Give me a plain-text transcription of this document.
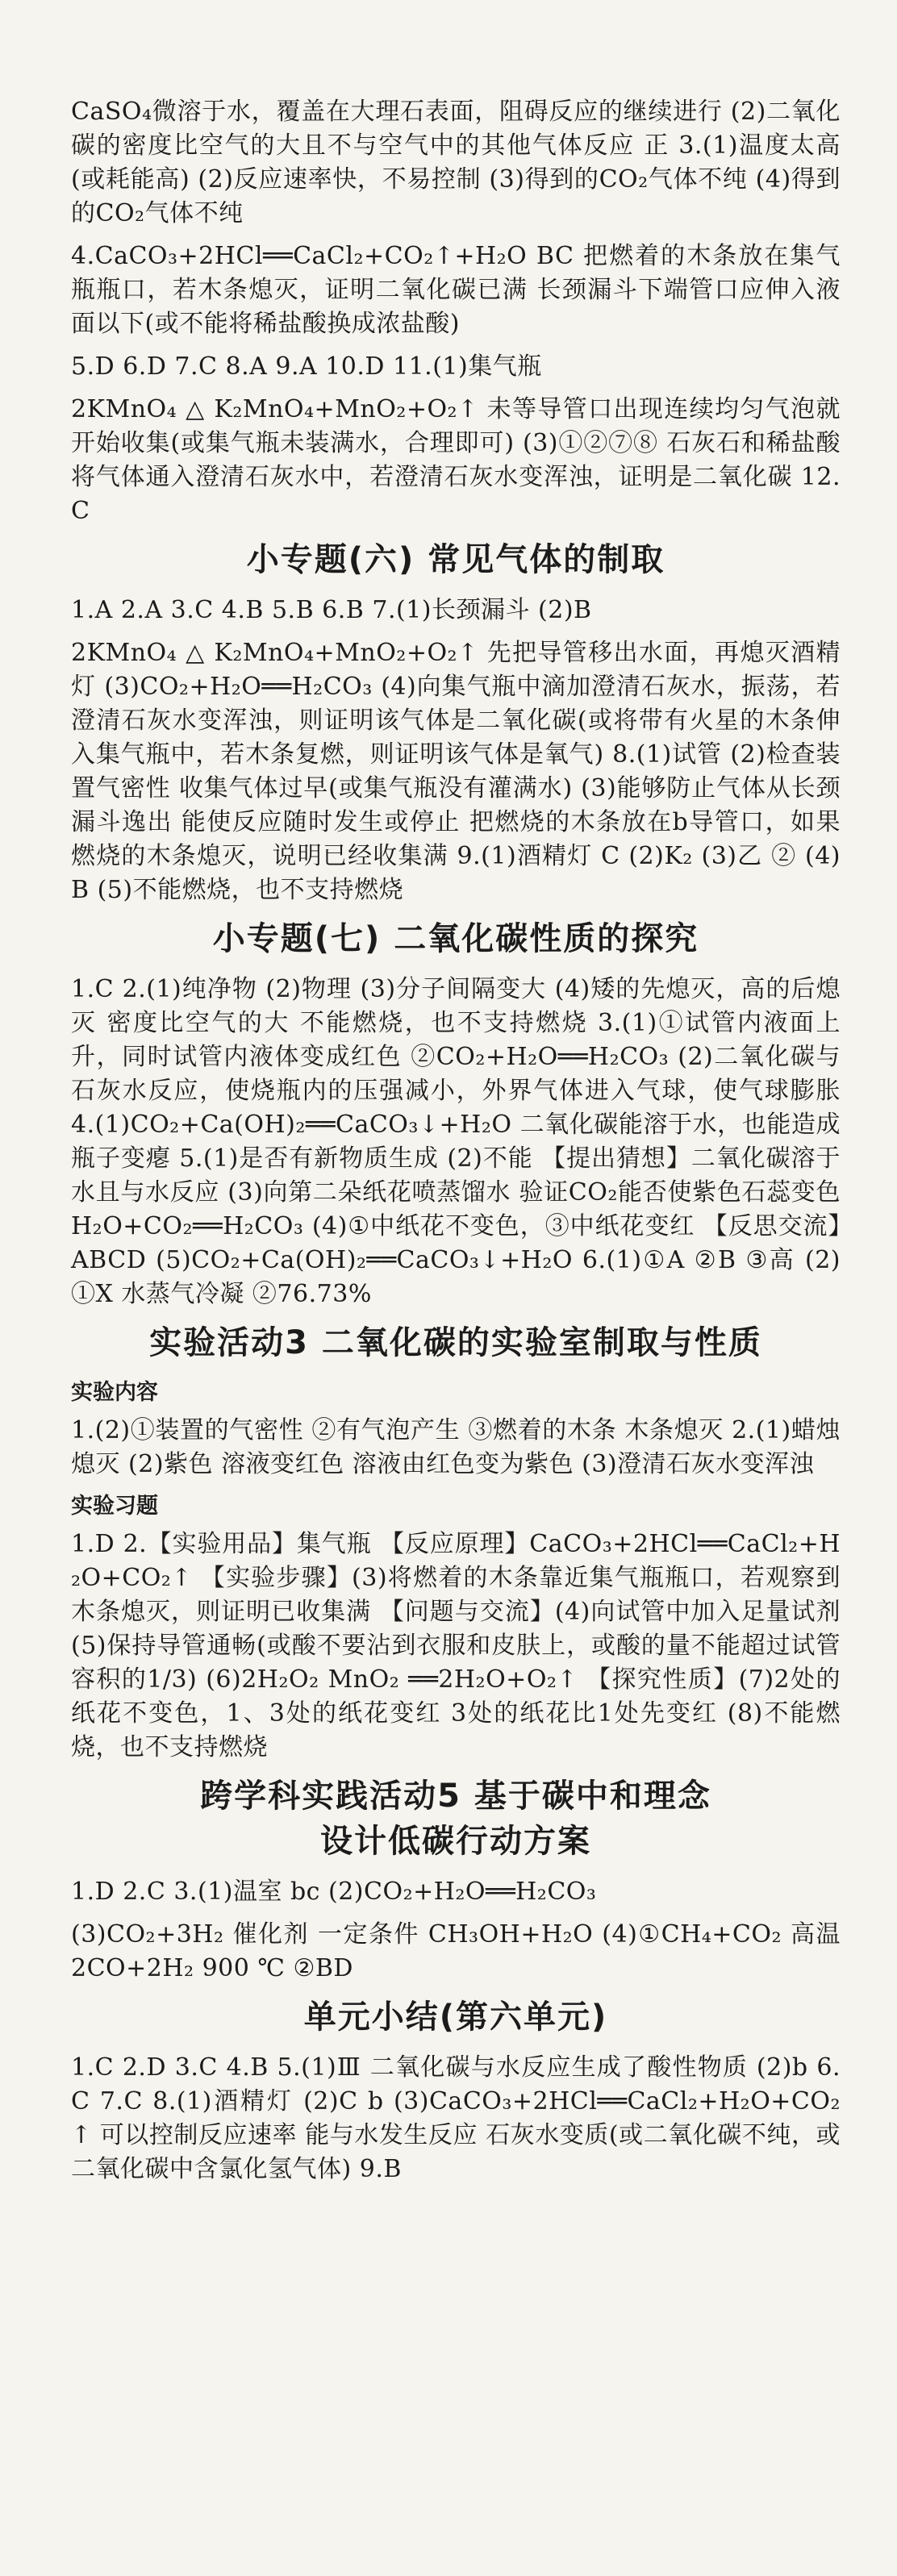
CaSO₄微溶于水，覆盖在大理石表面，阻碍反应的继续进行 (2)二氧化碳的密度比空气的大且不与空气中的其他气体反应 正 3.(1)温度太高(或耗能高) (2)反应速率快，不易控制 (3)得到的CO₂气体不纯 (4)得到的CO₂气体不纯

4.CaCO₃+2HCl══CaCl₂+CO₂↑+H₂O BC 把燃着的木条放在集气瓶瓶口，若木条熄灭，证明二氧化碳已满 长颈漏斗下端管口应伸入液面以下(或不能将稀盐酸换成浓盐酸)

5.D 6.D 7.C 8.A 9.A 10.D 11.(1)集气瓶

2KMnO₄ △ K₂MnO₄+MnO₂+O₂↑ 未等导管口出现连续均匀气泡就开始收集(或集气瓶未装满水，合理即可) (3)①②⑦⑧ 石灰石和稀盐酸 将气体通入澄清石灰水中，若澄清石灰水变浑浊，证明是二氧化碳 12.C

小专题(六) 常见气体的制取

1.A 2.A 3.C 4.B 5.B 6.B 7.(1)长颈漏斗 (2)B

2KMnO₄ △ K₂MnO₄+MnO₂+O₂↑ 先把导管移出水面，再熄灭酒精灯 (3)CO₂+H₂O══H₂CO₃ (4)向集气瓶中滴加澄清石灰水，振荡，若澄清石灰水变浑浊，则证明该气体是二氧化碳(或将带有火星的木条伸入集气瓶中，若木条复燃，则证明该气体是氧气) 8.(1)试管 (2)检查装置气密性 收集气体过早(或集气瓶没有灌满水) (3)能够防止气体从长颈漏斗逸出 能使反应随时发生或停止 把燃烧的木条放在b导管口，如果燃烧的木条熄灭，说明已经收集满 9.(1)酒精灯 C (2)K₂ (3)乙 ② (4)B (5)不能燃烧，也不支持燃烧

小专题(七) 二氧化碳性质的探究

1.C 2.(1)纯净物 (2)物理 (3)分子间隔变大 (4)矮的先熄灭，高的后熄灭 密度比空气的大 不能燃烧，也不支持燃烧 3.(1)①试管内液面上升，同时试管内液体变成红色 ②CO₂+H₂O══H₂CO₃ (2)二氧化碳与石灰水反应，使烧瓶内的压强减小，外界气体进入气球，使气球膨胀 4.(1)CO₂+Ca(OH)₂══CaCO₃↓+H₂O 二氧化碳能溶于水，也能造成瓶子变瘪 5.(1)是否有新物质生成 (2)不能 【提出猜想】二氧化碳溶于水且与水反应 (3)向第二朵纸花喷蒸馏水 验证CO₂能否使紫色石蕊变色 H₂O+CO₂══H₂CO₃ (4)①中纸花不变色，③中纸花变红 【反思交流】ABCD (5)CO₂+Ca(OH)₂══CaCO₃↓+H₂O 6.(1)①A ②B ③高 (2)①X 水蒸气冷凝 ②76.73%

实验活动3 二氧化碳的实验室制取与性质
实验内容

1.(2)①装置的气密性 ②有气泡产生 ③燃着的木条 木条熄灭 2.(1)蜡烛熄灭 (2)紫色 溶液变红色 溶液由红色变为紫色 (3)澄清石灰水变浑浊

实验习题

1.D 2.【实验用品】集气瓶 【反应原理】CaCO₃+2HCl══CaCl₂+H₂O+CO₂↑ 【实验步骤】(3)将燃着的木条靠近集气瓶瓶口，若观察到木条熄灭，则证明已收集满 【问题与交流】(4)向试管中加入足量试剂 (5)保持导管通畅(或酸不要沾到衣服和皮肤上，或酸的量不能超过试管容积的1/3) (6)2H₂O₂ MnO₂ ══2H₂O+O₂↑ 【探究性质】(7)2处的纸花不变色，1、3处的纸花变红 3处的纸花比1处先变红 (8)不能燃烧，也不支持燃烧

跨学科实践活动5 基于碳中和理念
设计低碳行动方案

1.D 2.C 3.(1)温室 bc (2)CO₂+H₂O══H₂CO₃

(3)CO₂+3H₂ 催化剂 一定条件 CH₃OH+H₂O (4)①CH₄+CO₂ 高温 2CO+2H₂ 900 ℃ ②BD

单元小结(第六单元)

1.C 2.D 3.C 4.B 5.(1)Ⅲ 二氧化碳与水反应生成了酸性物质 (2)b 6.C 7.C 8.(1)酒精灯 (2)C b (3)CaCO₃+2HCl══CaCl₂+H₂O+CO₂↑ 可以控制反应速率 能与水发生反应 石灰水变质(或二氧化碳不纯，或二氧化碳中含氯化氢气体) 9.B
